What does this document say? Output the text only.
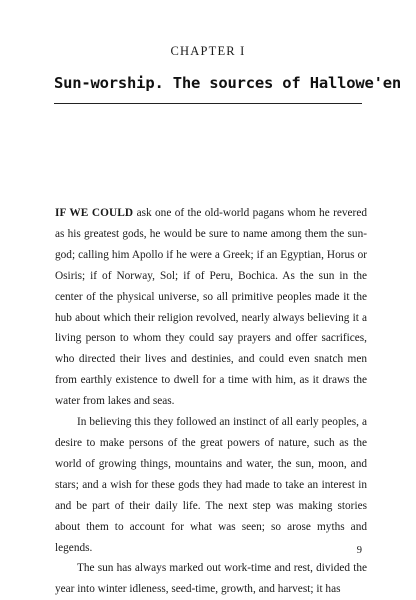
CHAPTER I
Sun-worship. The sources of Hallowe'en

IF WE COULD ask one of the old-world pagans whom he revered as his greatest gods, he would be sure to name among them the sun-god; calling him Apollo if he were a Greek; if an Egyptian, Horus or Osiris; if of Norway, Sol; if of Peru, Bochica. As the sun in the center of the physical universe, so all primitive peoples made it the hub about which their religion revolved, nearly always believing it a living person to whom they could say prayers and offer sacrifices, who directed their lives and destinies, and could even snatch men from earthly existence to dwell for a time with him, as it draws the water from lakes and seas.

In believing this they followed an instinct of all early peoples, a desire to make persons of the great powers of nature, such as the world of growing things, mountains and water, the sun, moon, and stars; and a wish for these gods they had made to take an interest in and be part of their daily life. The next step was making stories about them to account for what was seen; so arose myths and legends.

The sun has always marked out work-time and rest, divided the year into winter idleness, seed-time, growth, and harvest; it has

9
